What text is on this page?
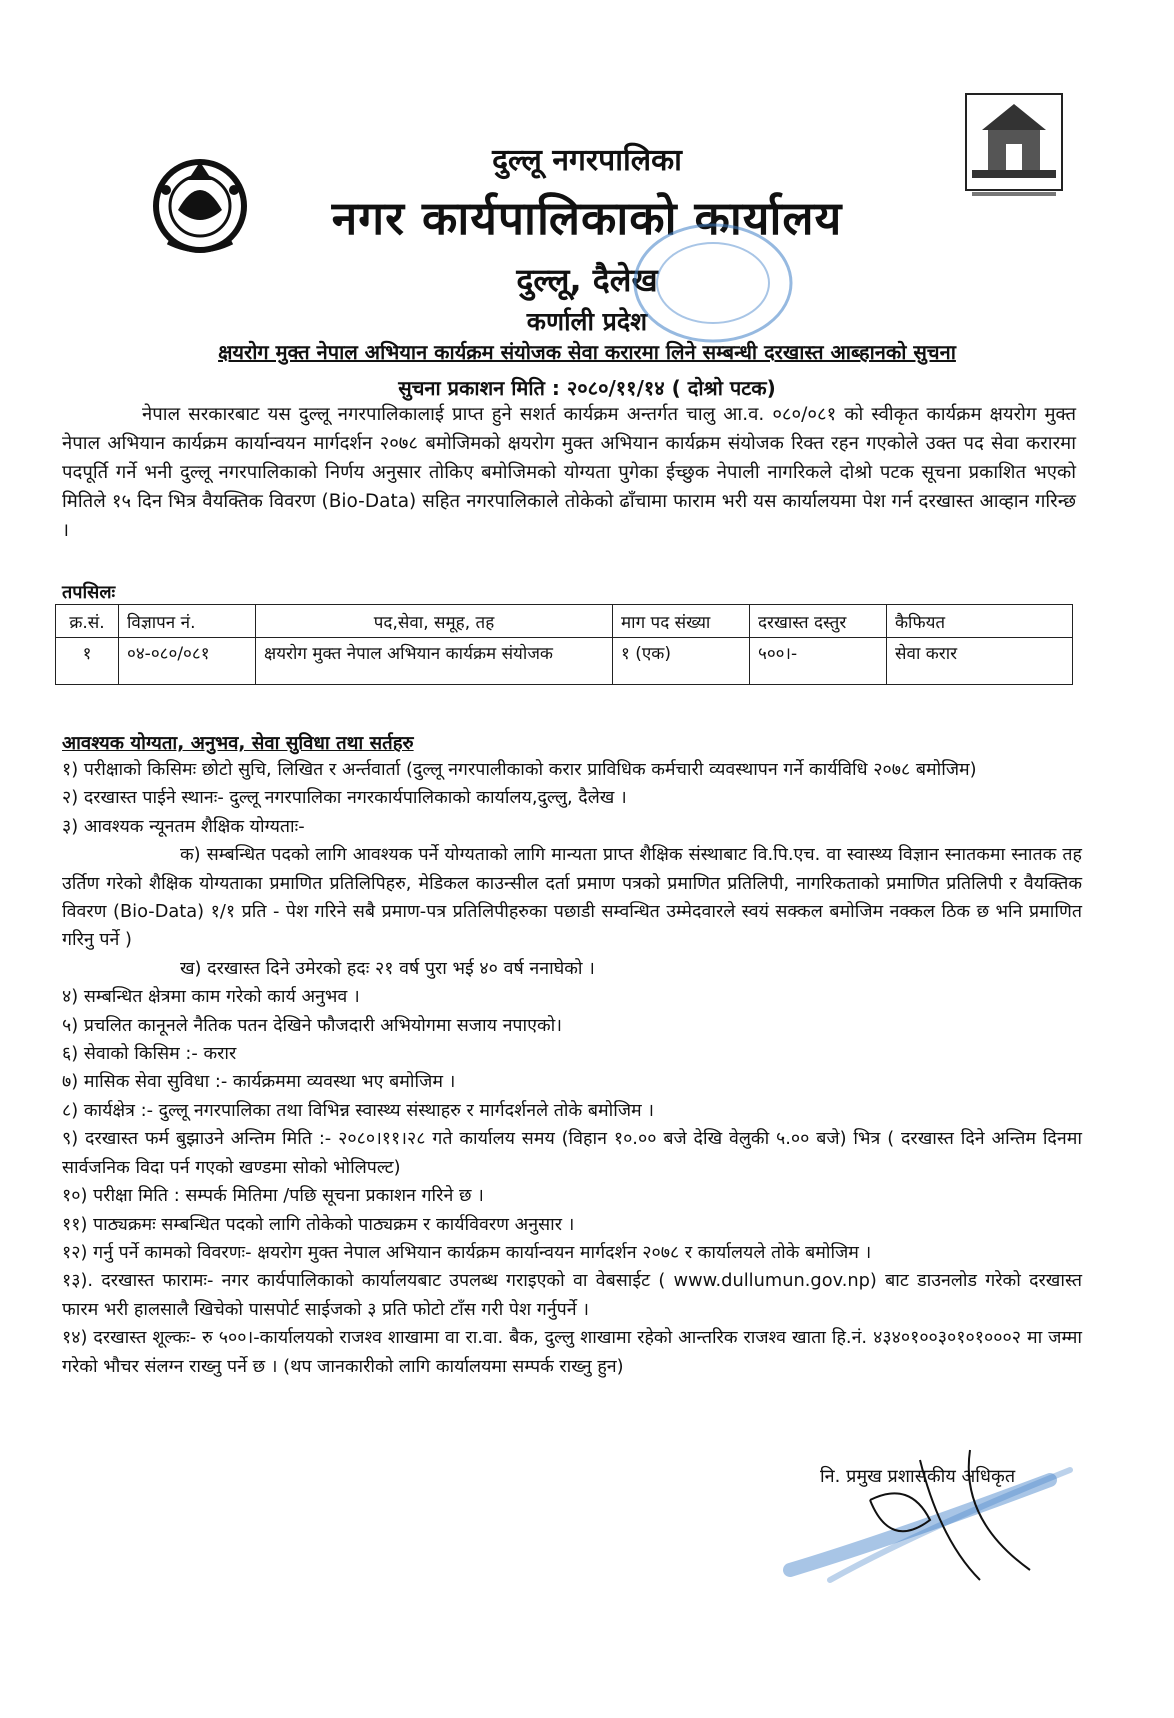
दुल्लू नगरपालिका
नगर कार्यपालिकाको कार्यालय
दुल्लू, दैलेख
कर्णाली प्रदेश
क्षयरोग मुक्त नेपाल अभियान कार्यक्रम संयोजक सेवा करारमा लिने सम्बन्धी दरखास्त आब्हानको सुचना
सुचना प्रकाशन मिति : २०८०/११/१४ ( दोश्रो पटक)
नेपाल सरकारबाट यस दुल्लू नगरपालिकालाई प्राप्त हुने सशर्त कार्यक्रम अन्तर्गत चालु आ.व. ०८०/०८१ को स्वीकृत कार्यक्रम क्षयरोग मुक्त नेपाल अभियान कार्यक्रम कार्यान्वयन मार्गदर्शन २०७८ बमोजिमको क्षयरोग मुक्त अभियान कार्यक्रम संयोजक रिक्त रहन गएकोले उक्त पद सेवा करारमा पदपूर्ति गर्ने भनी दुल्लू नगरपालिकाको निर्णय अनुसार तोकिए बमोजिमको योग्यता पुगेका ईच्छुक नेपाली नागरिकले दोश्रो पटक सूचना प्रकाशित भएको मितिले १५ दिन भित्र वैयक्तिक विवरण (Bio-Data) सहित नगरपालिकाले तोकेको ढाँचामा फाराम भरी यस कार्यालयमा पेश गर्न दरखास्त आव्हान गरिन्छ ।
तपसिलः
क्र.सं.	विज्ञापन नं.	पद,सेवा, समूह, तह	माग पद संख्या	दरखास्त दस्तुर	कैफियत
१	०४-०८०/०८१	क्षयरोग मुक्त नेपाल अभियान कार्यक्रम संयोजक	१ (एक)	५००।-	सेवा करार
आवश्यक योग्यता, अनुभव, सेवा सुविधा तथा सर्तहरु

१) परीक्षाको किसिमः छोटो सुचि, लिखित र अर्न्तवार्ता (दुल्लू नगरपालीकाको करार प्राविधिक कर्मचारी व्यवस्थापन गर्ने कार्यविधि २०७८ बमोजिम)

२) दरखास्त पाईने स्थानः- दुल्लू नगरपालिका नगरकार्यपालिकाको कार्यालय,दुल्लु, दैलेख ।

३) आवश्यक न्यूनतम शैक्षिक योग्यताः-

क) सम्बन्धित पदको लागि आवश्यक पर्ने योग्यताको लागि मान्यता प्राप्त शैक्षिक संस्थाबाट वि.पि.एच. वा स्वास्थ्य विज्ञान स्नातकमा स्नातक तह उर्तिण गरेको शैक्षिक योग्यताका प्रमाणित प्रतिलिपिहरु, मेडिकल काउन्सील दर्ता प्रमाण पत्रको प्रमाणित प्रतिलिपी, नागरिकताको प्रमाणित प्रतिलिपी र वैयक्तिक विवरण (Bio-Data) १/१ प्रति - पेश गरिने सबै प्रमाण-पत्र प्रतिलिपीहरुका पछाडी सम्वन्धित उम्मेदवारले स्वयं सक्कल बमोजिम नक्कल ठिक छ भनि प्रमाणित गरिनु पर्ने )

ख) दरखास्त दिने उमेरको हदः २१ वर्ष पुरा भई ४० वर्ष ननाघेको ।

४) सम्बन्धित क्षेत्रमा काम गरेको कार्य अनुभव ।

५) प्रचलित कानूनले नैतिक पतन देखिने फौजदारी अभियोगमा सजाय नपाएको।

६) सेवाको किसिम :- करार

७) मासिक सेवा सुविधा :- कार्यक्रममा व्यवस्था भए बमोजिम ।

८) कार्यक्षेत्र :- दुल्लू नगरपालिका तथा विभिन्न स्वास्थ्य संस्थाहरु र मार्गदर्शनले तोके बमोजिम ।

९) दरखास्त फर्म बुझाउने अन्तिम मिति :- २०८०।११।२८ गते कार्यालय समय (विहान १०.०० बजे देखि वेलुकी ५.०० बजे) भित्र ( दरखास्त दिने अन्तिम दिनमा सार्वजनिक विदा पर्न गएको खण्डमा सोको भोलिपल्ट)

१०) परीक्षा मिति : सम्पर्क मितिमा /पछि सूचना प्रकाशन गरिने छ ।

११) पाठ्यक्रमः सम्बन्धित पदको लागि तोकेको पाठ्यक्रम र कार्यविवरण अनुसार ।

१२) गर्नु पर्ने कामको विवरणः- क्षयरोग मुक्त नेपाल अभियान कार्यक्रम कार्यान्वयन मार्गदर्शन २०७८ र कार्यालयले तोके बमोजिम ।

१३). दरखास्त फारामः- नगर कार्यपालिकाको कार्यालयबाट उपलब्ध गराइएको वा वेबसाईट ( www.dullumun.gov.np) बाट डाउनलोड गरेको दरखास्त फारम भरी हालसालै खिचेको पासपोर्ट साईजको ३ प्रति फोटो टाँस गरी पेश गर्नुपर्ने ।

१४) दरखास्त शूल्कः- रु ५००।-कार्यालयको राजश्व शाखामा वा रा.वा. बैक, दुल्लु शाखामा रहेको आन्तरिक राजश्व खाता हि.नं. ४३४०१००३०१०१०००२ मा जम्मा गरेको भौचर संलग्न राख्नु पर्ने छ । (थप जानकारीको लागि कार्यालयमा सम्पर्क राख्नु हुन)

नि. प्रमुख प्रशासकीय अधिकृत
